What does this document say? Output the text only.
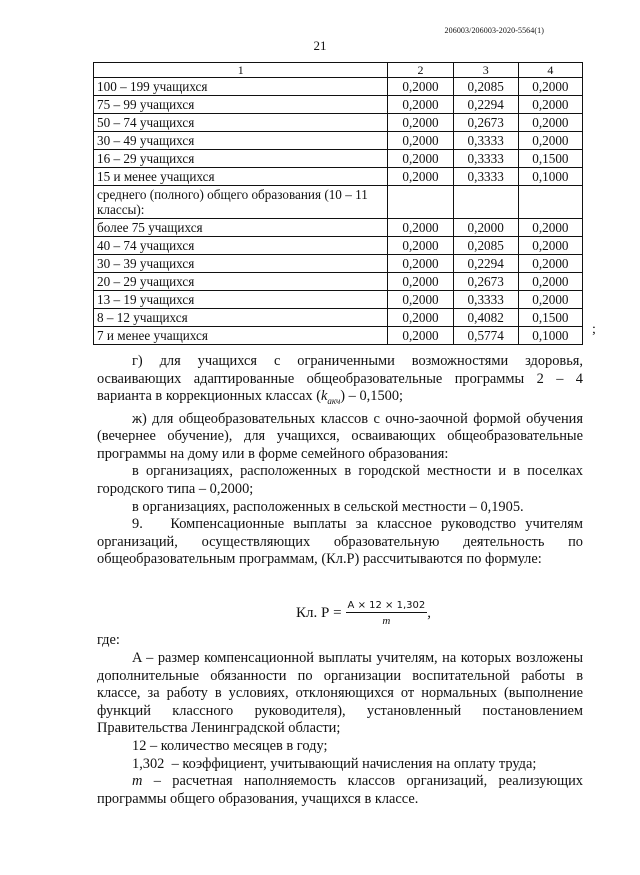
206003/206003-2020-5564(1)
21
1	2	3	4
100 – 199 учащихся	0,2000	0,2085	0,2000
75 – 99 учащихся	0,2000	0,2294	0,2000
50 – 74 учащихся	0,2000	0,2673	0,2000
30 – 49 учащихся	0,2000	0,3333	0,2000
16 – 29 учащихся	0,2000	0,3333	0,1500
15 и менее учащихся	0,2000	0,3333	0,1000
среднего (полного) общего образования (10 – 11 классы):			
более 75 учащихся	0,2000	0,2000	0,2000
40 – 74 учащихся	0,2000	0,2085	0,2000
30 – 39 учащихся	0,2000	0,2294	0,2000
20 – 29 учащихся	0,2000	0,2673	0,2000
13 – 19 учащихся	0,2000	0,3333	0,2000
8 – 12 учащихся	0,2000	0,4082	0,1500
7 и менее учащихся	0,2000	0,5774	0,1000 ;

г) для учащихся с ограниченными возможностями здоровья, осваивающих адаптированные общеобразовательные программы 2 – 4 варианта в коррекционных классах $(k_{акч}) - 0,1500$;

ж) для общеобразовательных классов с очно-заочной формой обучения (вечернее обучение), для учащихся, осваивающих общеобразовательные программы на дому или в форме семейного образования:

в организациях, расположенных в городской местности и в поселках городского типа – 0,2000;

в организациях, расположенных в сельской местности – 0,1905.

9.   Компенсационные выплаты за классное руководство учителям организаций, осуществляющих образовательную деятельность по общеобразовательным программам, (Кл.Р) рассчитываются по формуле:

Кл. $Р = \frac{A \times 12 \times 1,302}{m}$ ,
где:

A – размер компенсационной выплаты учителям, на которых возложены дополнительные обязанности по организации воспитательной работы в классе, за работу в условиях, отклоняющихся от нормальных (выполнение функций классного руководителя), установленный постановлением Правительства Ленинградской области;

12 – количество месяцев в году;

1,302  – коэффициент, учитывающий начисления на оплату труда;

m – расчетная наполняемость классов организаций, реализующих программы общего образования, учащихся в классе.
